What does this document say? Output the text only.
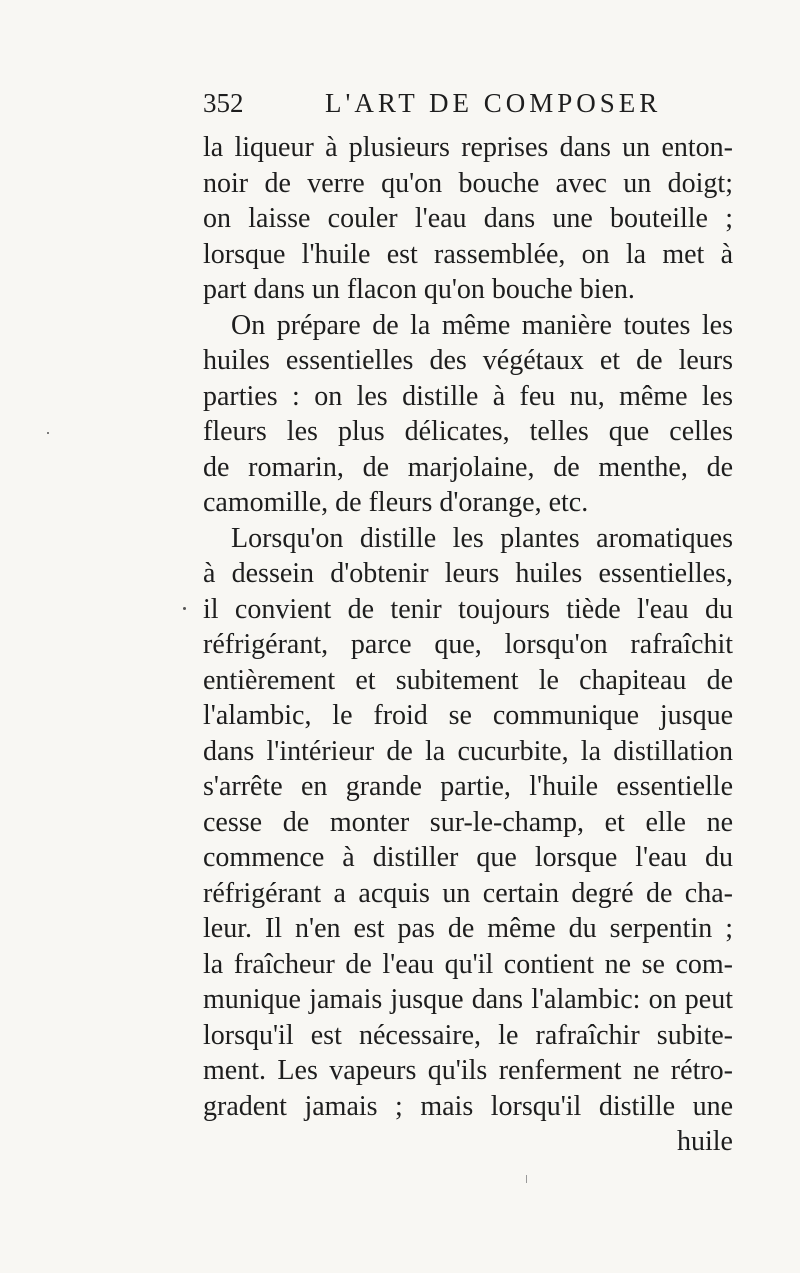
352	L'ART DE COMPOSER
la liqueur à plusieurs reprises dans un enton-
noir de verre qu'on bouche avec un doigt;
on laisse couler l'eau dans une bouteille ;
lorsque l'huile est rassemblée, on la met à
part dans un flacon qu'on bouche bien.
On prépare de la même manière toutes les
huiles essentielles des végétaux et de leurs
parties : on les distille à feu nu, même les
fleurs les plus délicates, telles que celles
de romarin, de marjolaine, de menthe, de
camomille, de fleurs d'orange, etc.
Lorsqu'on distille les plantes aromatiques
à dessein d'obtenir leurs huiles essentielles,
il convient de tenir toujours tiède l'eau du
réfrigérant, parce que, lorsqu'on rafraîchit
entièrement et subitement le chapiteau de
l'alambic, le froid se communique jusque
dans l'intérieur de la cucurbite, la distillation
s'arrête en grande partie, l'huile essentielle
cesse de monter sur-le-champ, et elle ne
commence à distiller que lorsque l'eau du
réfrigérant a acquis un certain degré de cha-
leur. Il n'en est pas de même du serpentin ;
la fraîcheur de l'eau qu'il contient ne se com-
munique jamais jusque dans l'alambic: on peut
lorsqu'il est nécessaire, le rafraîchir subite-
ment. Les vapeurs qu'ils renferment ne rétro-
gradent jamais ; mais lorsqu'il distille une
huile
